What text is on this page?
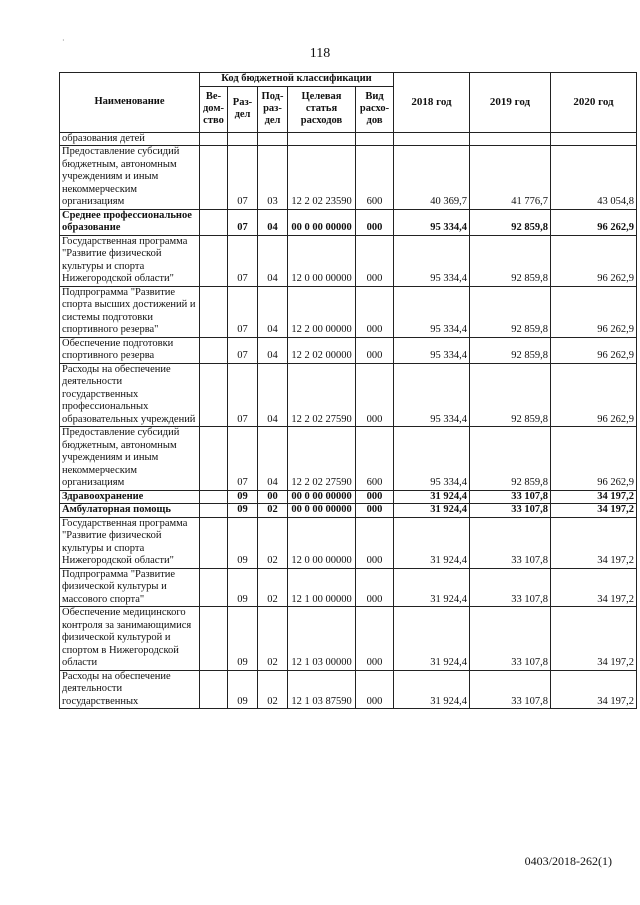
·
118
Наименование	Код бюджетной классификации					2018 год	2019 год	2020 год
	Ве-дом-ство	Раз-дел	Под-раз-дел	Целевая статья расходов	Вид расхо-дов			
образования детей								
Предоставление субсидий бюджетным, автономным учреждениям и иным некоммерческим организациям		07	03	12 2 02 23590	600	40 369,7	41 776,7	43 054,8
Среднее профессиональное образование		07	04	00 0 00 00000	000	95 334,4	92 859,8	96 262,9
Государственная программа "Развитие физической культуры и спорта Нижегородской области"		07	04	12 0 00 00000	000	95 334,4	92 859,8	96 262,9
Подпрограмма "Развитие спорта высших достижений и системы подготовки спортивного резерва"		07	04	12 2 00 00000	000	95 334,4	92 859,8	96 262,9
Обеспечение подготовки спортивного резерва		07	04	12 2 02 00000	000	95 334,4	92 859,8	96 262,9
Расходы на обеспечение деятельности государственных профессиональных образовательных учреждений		07	04	12 2 02 27590	000	95 334,4	92 859,8	96 262,9
Предоставление субсидий бюджетным, автономным учреждениям и иным некоммерческим организациям		07	04	12 2 02 27590	600	95 334,4	92 859,8	96 262,9
Здравоохранение		09	00	00 0 00 00000	000	31 924,4	33 107,8	34 197,2
Амбулаторная помощь		09	02	00 0 00 00000	000	31 924,4	33 107,8	34 197,2
Государственная программа "Развитие физической культуры и спорта Нижегородской области"		09	02	12 0 00 00000	000	31 924,4	33 107,8	34 197,2
Подпрограмма "Развитие физической культуры и массового спорта"		09	02	12 1 00 00000	000	31 924,4	33 107,8	34 197,2
Обеспечение медицинского контроля за занимающимися физической культурой и спортом в Нижегородской области		09	02	12 1 03 00000	000	31 924,4	33 107,8	34 197,2
Расходы на обеспечение деятельности государственных		09	02	12 1 03 87590	000	31 924,4	33 107,8	34 197,2
0403/2018-262(1)
